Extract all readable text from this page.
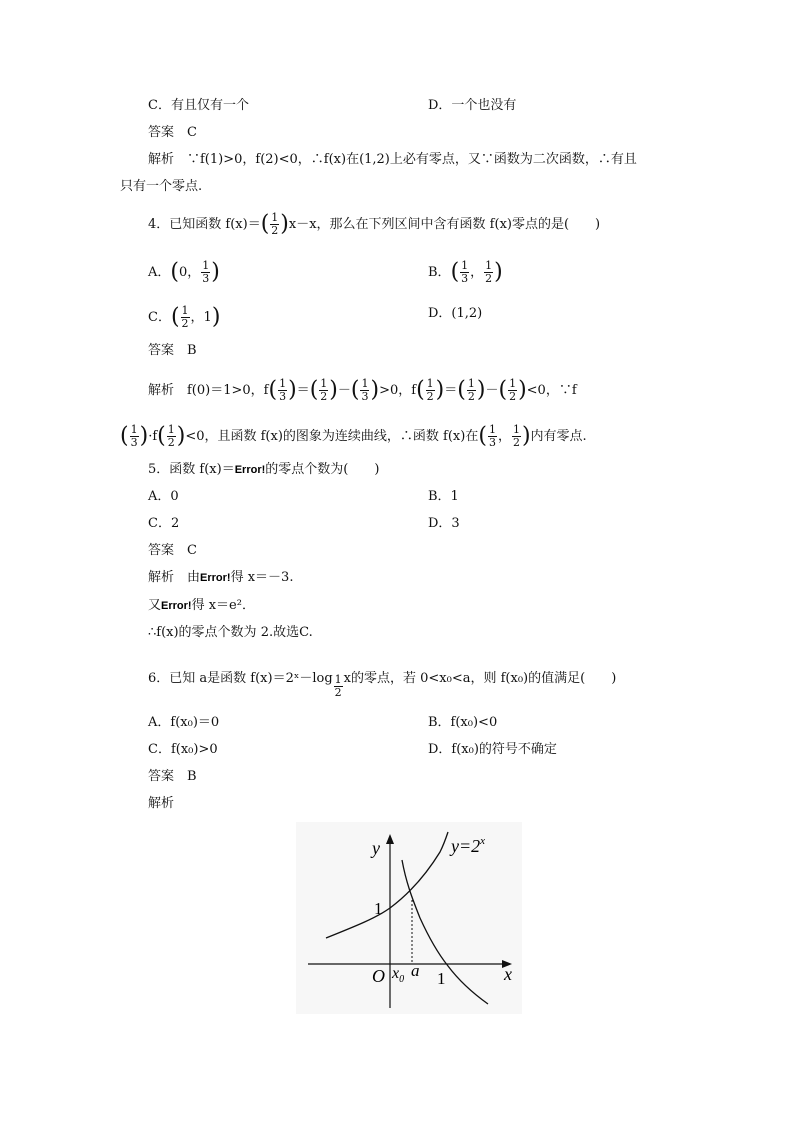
C．有且仅有一个	D．一个也没有
答案　C
解析　∵f(1)>0，f(2)<0，∴f(x)在(1,2)上必有零点，又∵函数为二次函数，∴有且
只有一个零点.
4．已知函数 $f(x)=( \frac{1}{2} )x-x$，那么在下列区间中含有函数 f(x)零点的是(　　)
A．(0， $\frac{1}{3}$ )	B．( $\frac{1}{3}$ ， $\frac{1}{2}$ )
C．( $\frac{1}{2}$ ，1)	D．(1,2)
答案　B
解析　f(0)＝1>0，$f( \frac{1}{3}$ )＝( $\frac{1}{2}$ )－( $\frac{1}{3} )>0$，$f( \frac{1}{2}$ )＝( $\frac{1}{2}$ )－( $\frac{1}{2} )<0$，∵f
( $\frac{1}{3} )\cdot f( \frac{1}{2} )<0$，且函数 f(x)的图象为连续曲线，∴函数 f(x)在( $\frac{1}{3}$ ， $\frac{1}{2}$ )内有零点.
5．函数 f(x)＝Error!的零点个数为(　　)
A．0	B．1
C．2	D．3
答案　C
解析　由Error!得 x＝－3.
又Error!得 x＝e²．
∴f(x)的零点个数为 2.故选C.
6．已知 a是函数 f(x)＝2ˣ－log $\frac{1}{2}$ x的零点，若 0<x₀<a，则 f(x₀)的值满足(　　)
A．f(x₀)＝0	B．f(x₀)<0
C．f(x₀)>0	D．f(x₀)的符号不确定
答案　B
解析
y
x
$y=2^x$
O
1
1
$x_0$ a
